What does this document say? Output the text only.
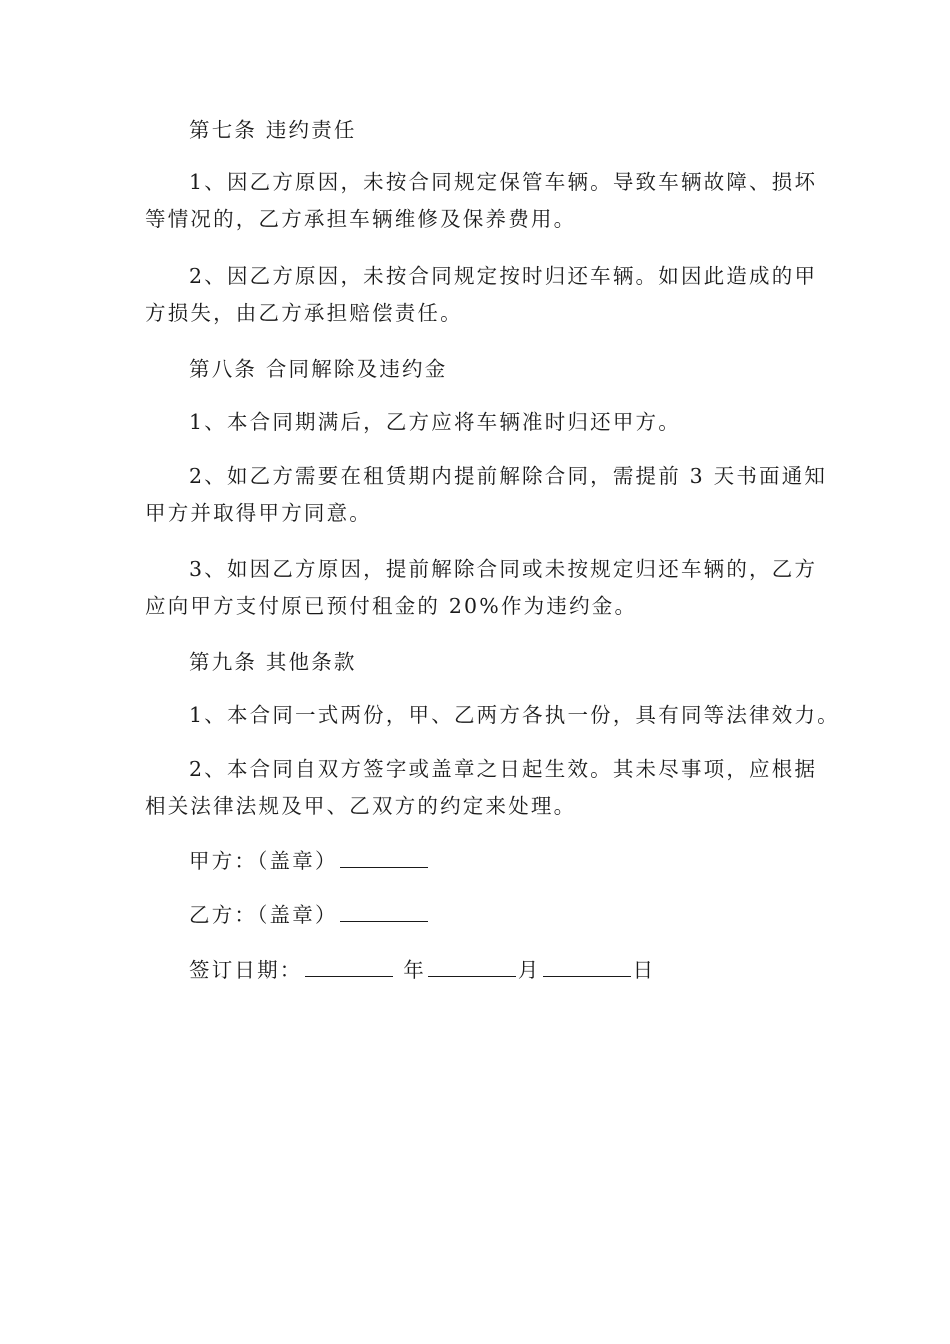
第七条 违约责任
1、因乙方原因，未按合同规定保管车辆。导致车辆故障、损坏
等情况的，乙方承担车辆维修及保养费用。
2、因乙方原因，未按合同规定按时归还车辆。如因此造成的甲
方损失，由乙方承担赔偿责任。
第八条 合同解除及违约金
1、本合同期满后，乙方应将车辆准时归还甲方。
2、如乙方需要在租赁期内提前解除合同，需提前 3 天书面通知
甲方并取得甲方同意。
3、如因乙方原因，提前解除合同或未按规定归还车辆的，乙方
应向甲方支付原已预付租金的 20%作为违约金。
第九条 其他条款
1、本合同一式两份，甲、乙两方各执一份，具有同等法律效力。
2、本合同自双方签字或盖章之日起生效。其未尽事项，应根据
相关法律法规及甲、乙双方的约定来处理。
甲方：（盖章）
乙方：（盖章）
签订日期：	年	月	日
